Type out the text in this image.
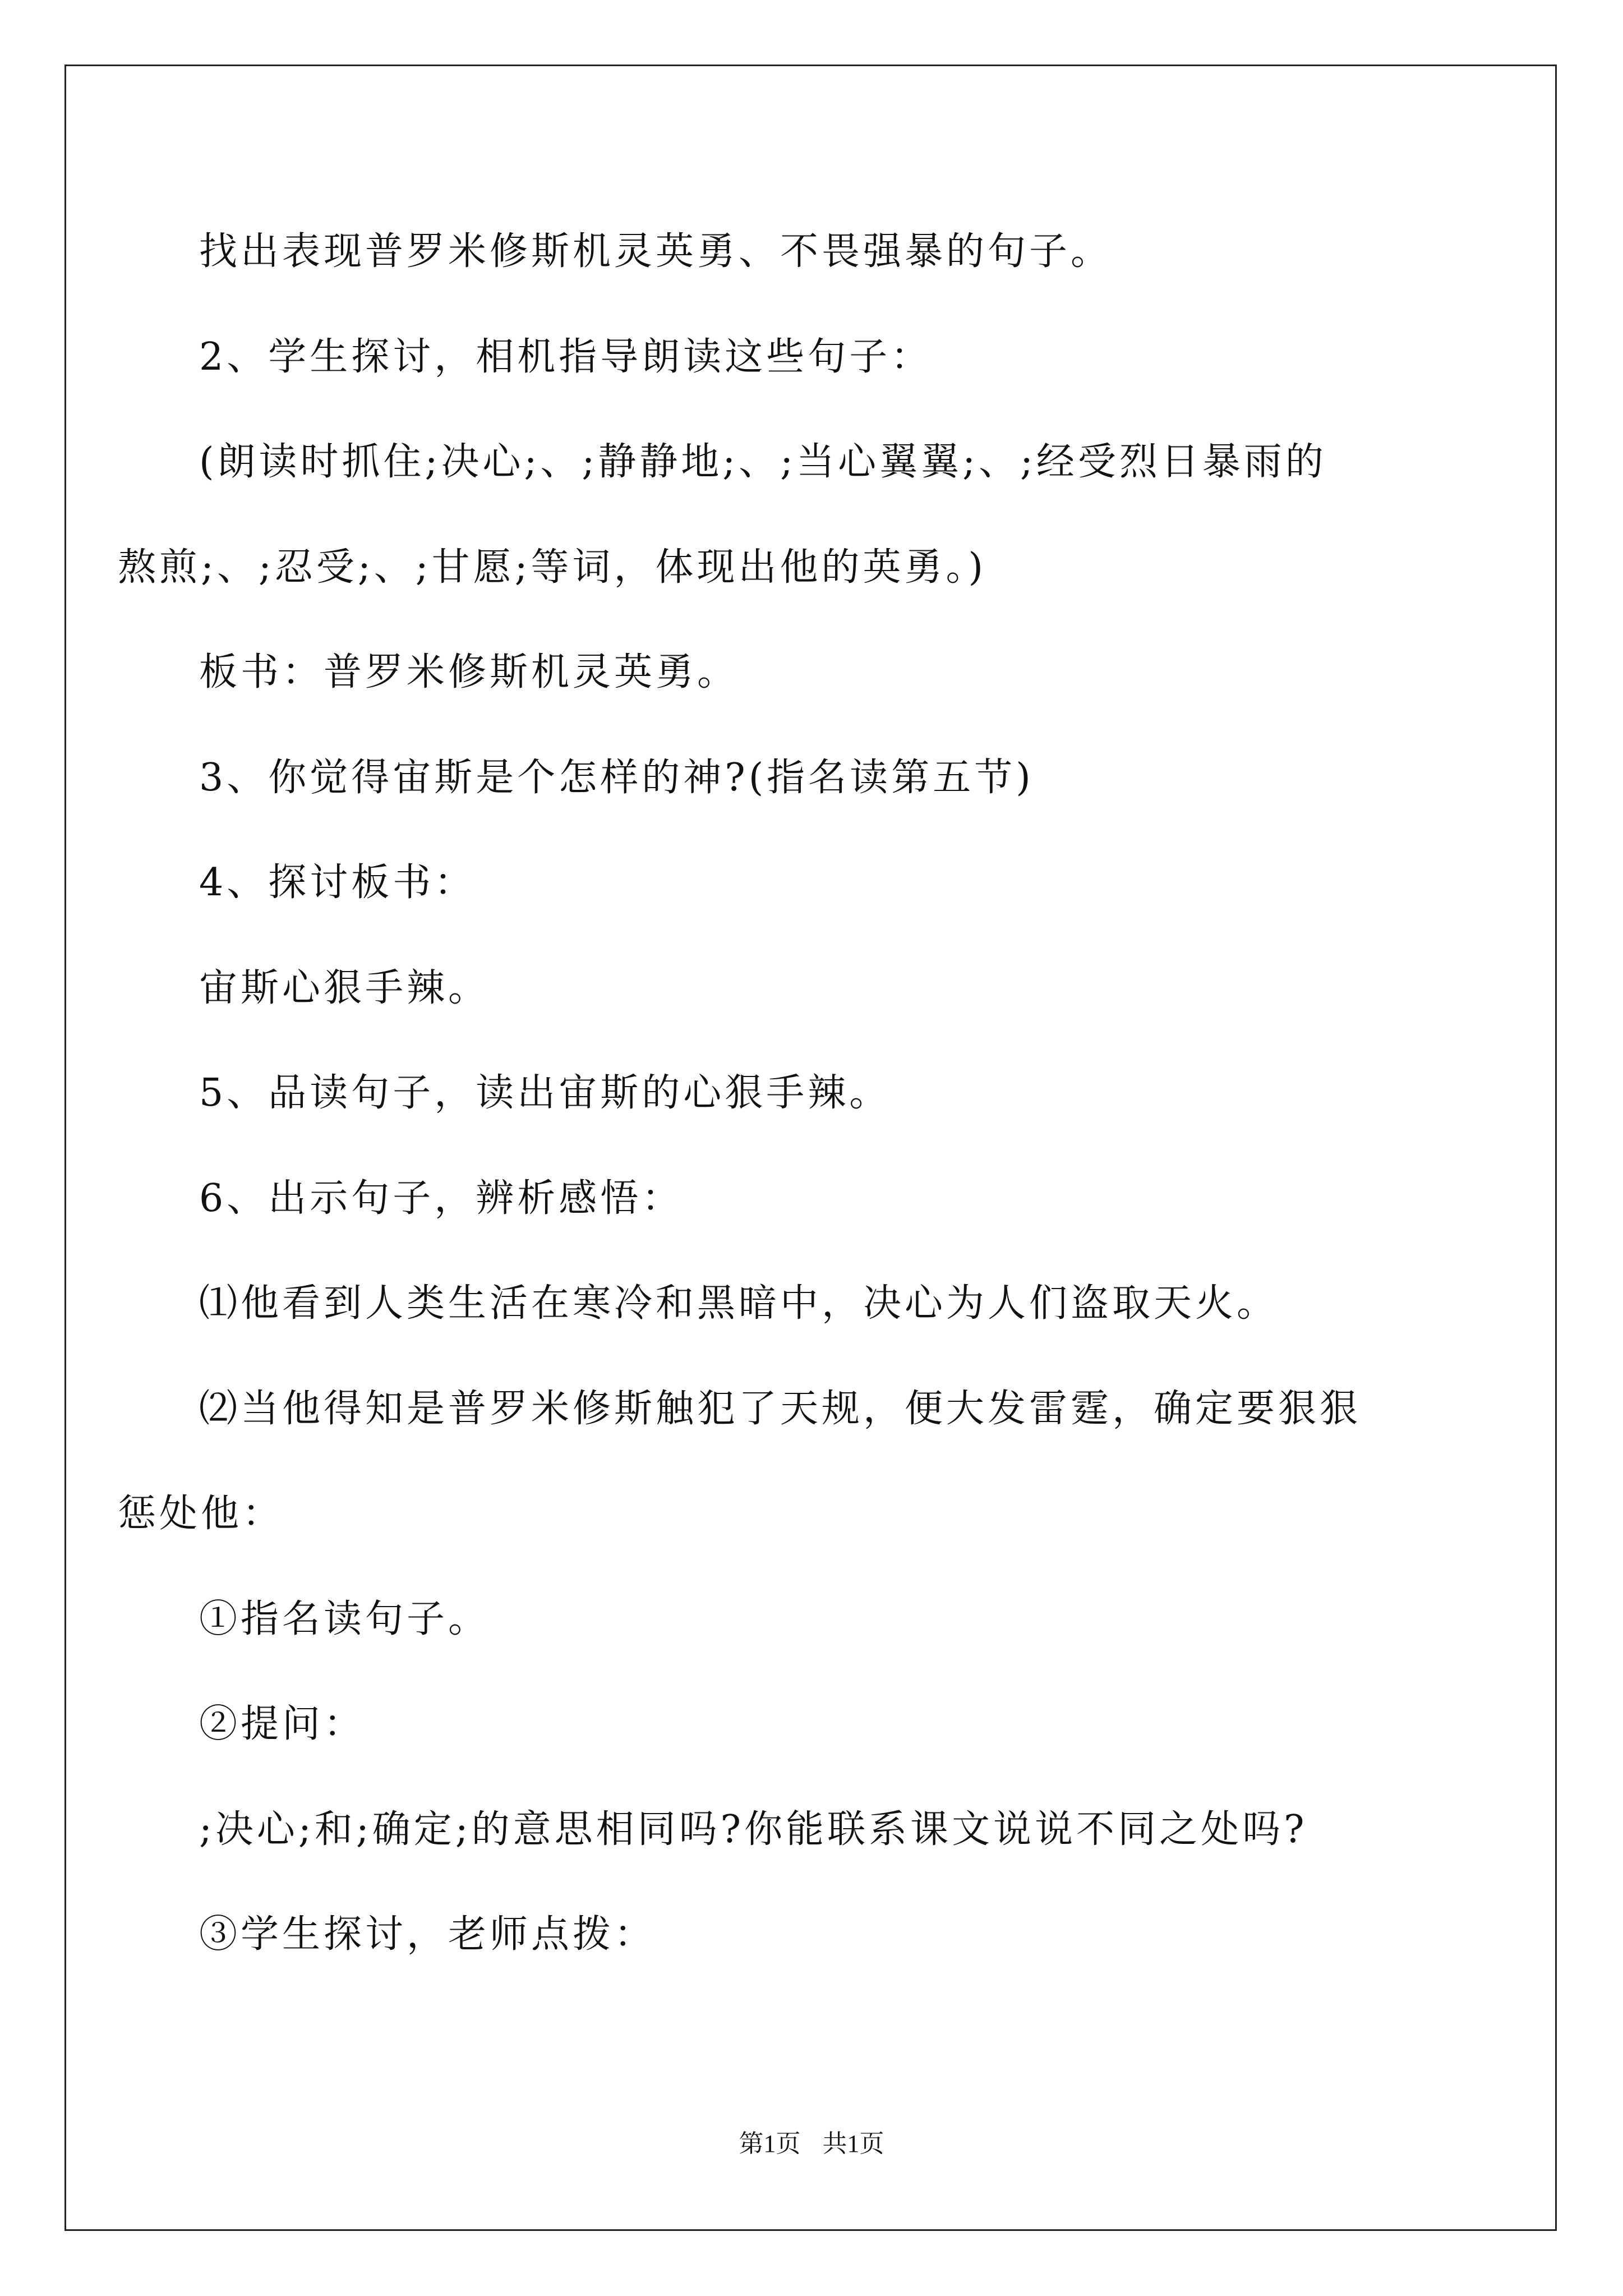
找出表现普罗米修斯机灵英勇、不畏强暴的句子。
2、学生探讨，相机指导朗读这些句子：
(朗读时抓住;决心;、;静静地;、;当心翼翼;、;经受烈日暴雨的
熬煎;、;忍受;、;甘愿;等词，体现出他的英勇。)
板书：普罗米修斯机灵英勇。
3、你觉得宙斯是个怎样的神?(指名读第五节)
4、探讨板书：
宙斯心狠手辣。
5、品读句子，读出宙斯的心狠手辣。
6、出示句子，辨析感悟：
⑴他看到人类生活在寒冷和黑暗中，决心为人们盗取天火。
⑵当他得知是普罗米修斯触犯了天规，便大发雷霆，确定要狠狠
惩处他：
①指名读句子。
②提问：
;决心;和;确定;的意思相同吗?你能联系课文说说不同之处吗?
③学生探讨，老师点拨：
第1页 共1页
